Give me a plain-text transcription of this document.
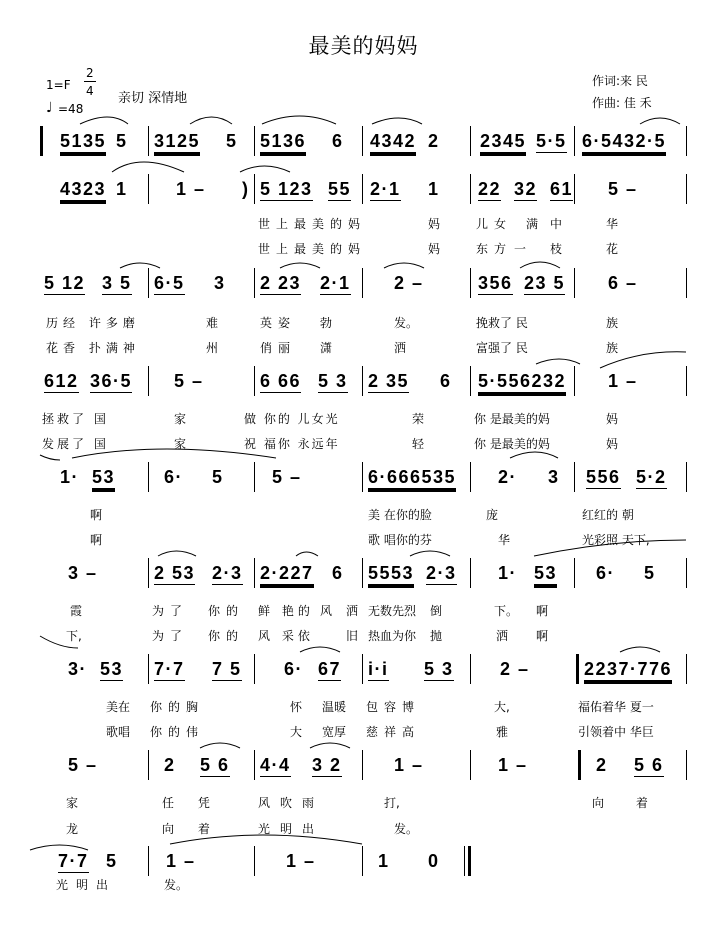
最美的妈妈
1=F
2
4
♩ =48
亲切 深情地
作词:来 民
作曲: 佳 禾
5135 5 3125 5 5136 6 4342 2 2345 5·5 6·5432·5
4323 1	1 – ) 5 123 55 2·1 1 22 32 61 5 –
世上最美的妈	妈	儿女 满 中	华
世上最美的妈	妈	东方 一 枝	花
5 12 3 5 6·5 3 2 23 2·1 2 –	356 23 5 6 –
历经 许多磨	难	英姿 勃	发。	挽救了 民	族
花香 扑满神	州	俏丽 潇	洒	富强了 民	族
612 36·5 5 –	6 66 5 3 2 35 6 5·556232 1 –
拯救了 国	家	做 你的 儿女光	荣	你 是最美的妈	妈
发展了 国	家	祝 福你 永远年	轻	你 是最美的妈	妈
1· 53	6· 5	5 –	6·666535 2· 3 556 5·2
啊	美 在你的脸	庞	红红的 朝
啊	歌 唱你的芬	华	光彩照 天下,
3 –	2 53 2·3 2·227 6 5553 2·3 1· 53 6· 5
霞	为了 你的 鲜 艳的 风 洒 无数先烈 倒	下。 啊
下,	为了 你的 风 采依	旧 热血为你 抛	洒 啊
3· 53 7·7 7 5 6· 67 i·i 5 3	2 –	2237·776
美在 你的胸	怀 温暖 包容博	大,	福佑着华 夏一
歌唱 你的伟	大 宽厚 慈祥高	雅	引领着中 华巨
5 –	2 5 6 4·4 3 2	1 –	1 –	2 5 6
家	任 凭	风吹雨	打,	向 着
龙	向 着	光明出	发。
7·7 5	1 –	1 –	1 0
光明出	发。
